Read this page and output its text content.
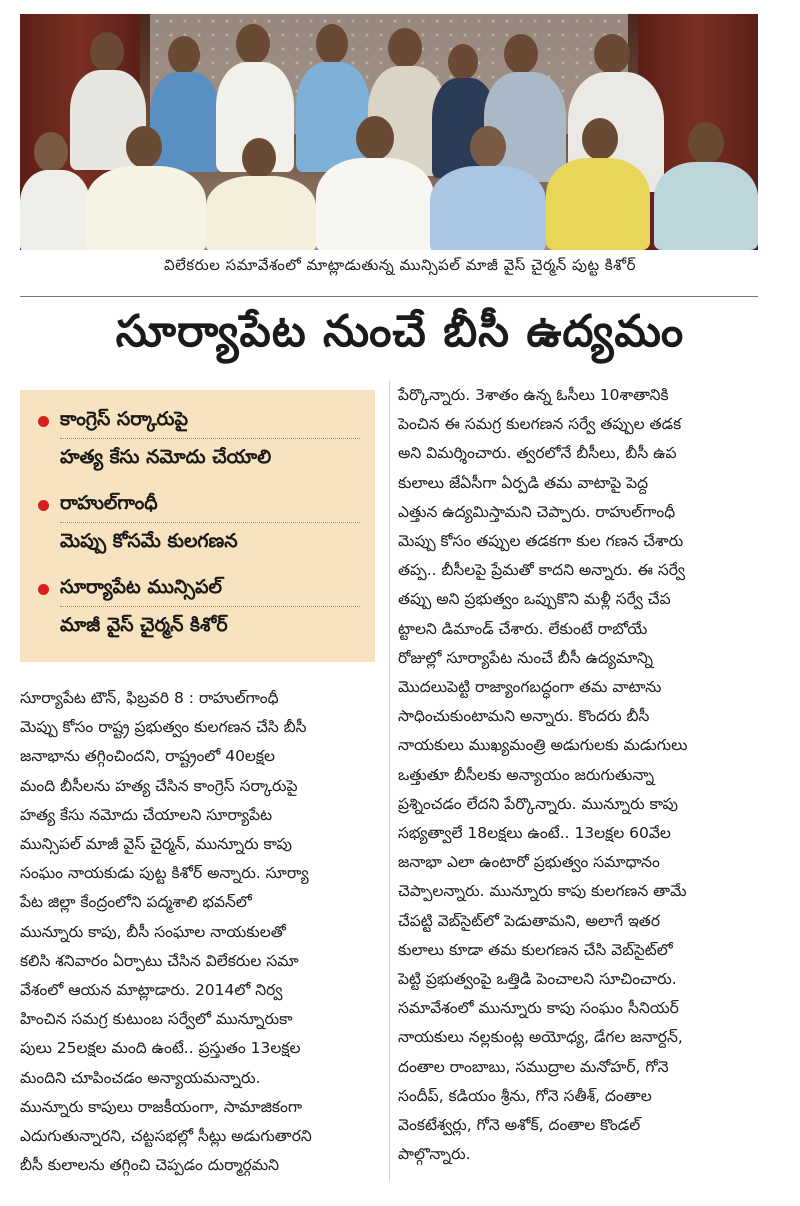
విలేకరుల సమావేశంలో మాట్లాడుతున్న మున్సిపల్ మాజీ వైస్ చైర్మన్ పుట్ట కిశోర్
సూర్యాపేట నుంచే బీసీ ఉద్యమం
కాంగ్రెస్ సర్కారుపై
హత్య కేసు నమోదు చేయాలి
రాహుల్‌గాంధీ
మెప్పు కోసమే కులగణన
సూర్యాపేట మున్సిపల్
మాజీ వైస్ చైర్మన్ కిశోర్

సూర్యాపేట టౌన్, ఫిబ్రవరి 8 : రాహుల్‌గాంధీ

మెప్పు కోసం రాష్ట్ర ప్రభుత్వం కులగణన చేసి బీసీ

జనాభాను తగ్గించిందని, రాష్ట్రంలో 40లక్షల

మంది బీసీలను హత్య చేసిన కాంగ్రెస్ సర్కారుపై

హత్య కేసు నమోదు చేయాలని సూర్యాపేట

మున్సిపల్ మాజీ వైస్ చైర్మన్, మున్నూరు కాపు

సంఘం నాయకుడు పుట్ట కిశోర్ అన్నారు. సూర్యా

పేట జిల్లా కేంద్రంలోని పద్మశాలి భవన్‌లో

మున్నూరు కాపు, బీసీ సంఘాల నాయకులతో

కలిసి శనివారం ఏర్పాటు చేసిన విలేకరుల సమా

వేశంలో ఆయన మాట్లాడారు. 2014లో నిర్వ

హించిన సమగ్ర కుటుంబ సర్వేలో మున్నూరుకా

పులు 25లక్షల మంది ఉంటే.. ప్రస్తుతం 13లక్షల

మందిని చూపించడం అన్యాయమన్నారు.

మున్నూరు కాపులు రాజకీయంగా, సామాజికంగా

ఎదుగుతున్నారని, చట్టసభల్లో సీట్లు అడుగుతారని

బీసీ కులాలను తగ్గించి చెప్పడం దుర్మార్గమని

పేర్కొన్నారు. 3శాతం ఉన్న ఓసీలు 10శాతానికి

పెంచిన ఈ సమగ్ర కులగణన సర్వే తప్పుల తడక

అని విమర్శించారు. త్వరలోనే బీసీలు, బీసీ ఉప

కులాలు జేఏసీగా ఏర్పడి తమ వాటాపై పెద్ద

ఎత్తున ఉద్యమిస్తామని చెప్పారు. రాహుల్‌గాంధీ

మెప్పు కోసం తప్పుల తడకగా కుల గణన చేశారు

తప్ప.. బీసీలపై ప్రేమతో కాదని అన్నారు. ఈ సర్వే

తప్పు అని ప్రభుత్వం ఒప్పుకొని మళ్లీ సర్వే చేప

ట్టాలని డిమాండ్ చేశారు. లేకుంటే రాబోయే

రోజుల్లో సూర్యాపేట నుంచే బీసీ ఉద్యమాన్ని

మొదలుపెట్టి రాజ్యాంగబద్ధంగా తమ వాటాను

సాధించుకుంటామని అన్నారు. కొందరు బీసీ

నాయకులు ముఖ్యమంత్రి అడుగులకు మడుగులు

ఒత్తుతూ బీసీలకు అన్యాయం జరుగుతున్నా

ప్రశ్నించడం లేదని పేర్కొన్నారు. మున్నూరు కాపు

సభ్యత్వాలే 18లక్షలు ఉంటే.. 13లక్షల 60వేల

జనాభా ఎలా ఉంటారో ప్రభుత్వం సమాధానం

చెప్పాలన్నారు. మున్నూరు కాపు కులగణన తామే

చేపట్టి వెబ్‌సైట్‌లో పెడుతామని, అలాగే ఇతర

కులాలు కూడా తమ కులగణన చేసి వెబ్‌సైట్‌లో

పెట్టి ప్రభుత్వంపై ఒత్తిడి పెంచాలని సూచించారు.

సమావేశంలో మున్నూరు కాపు సంఘం సీనియర్

నాయకులు నల్లకుంట్ల అయోధ్య, డేగల జనార్దన్,

దంతాల రాంబాబు, సముద్రాల మనోహర్, గోనె

సందీప్, కడియం శ్రీను, గోనె సతీశ్, దంతాల

వెంకటేశ్వర్లు, గోనె అశోక్, దంతాల కొండల్

పాల్గొన్నారు.
